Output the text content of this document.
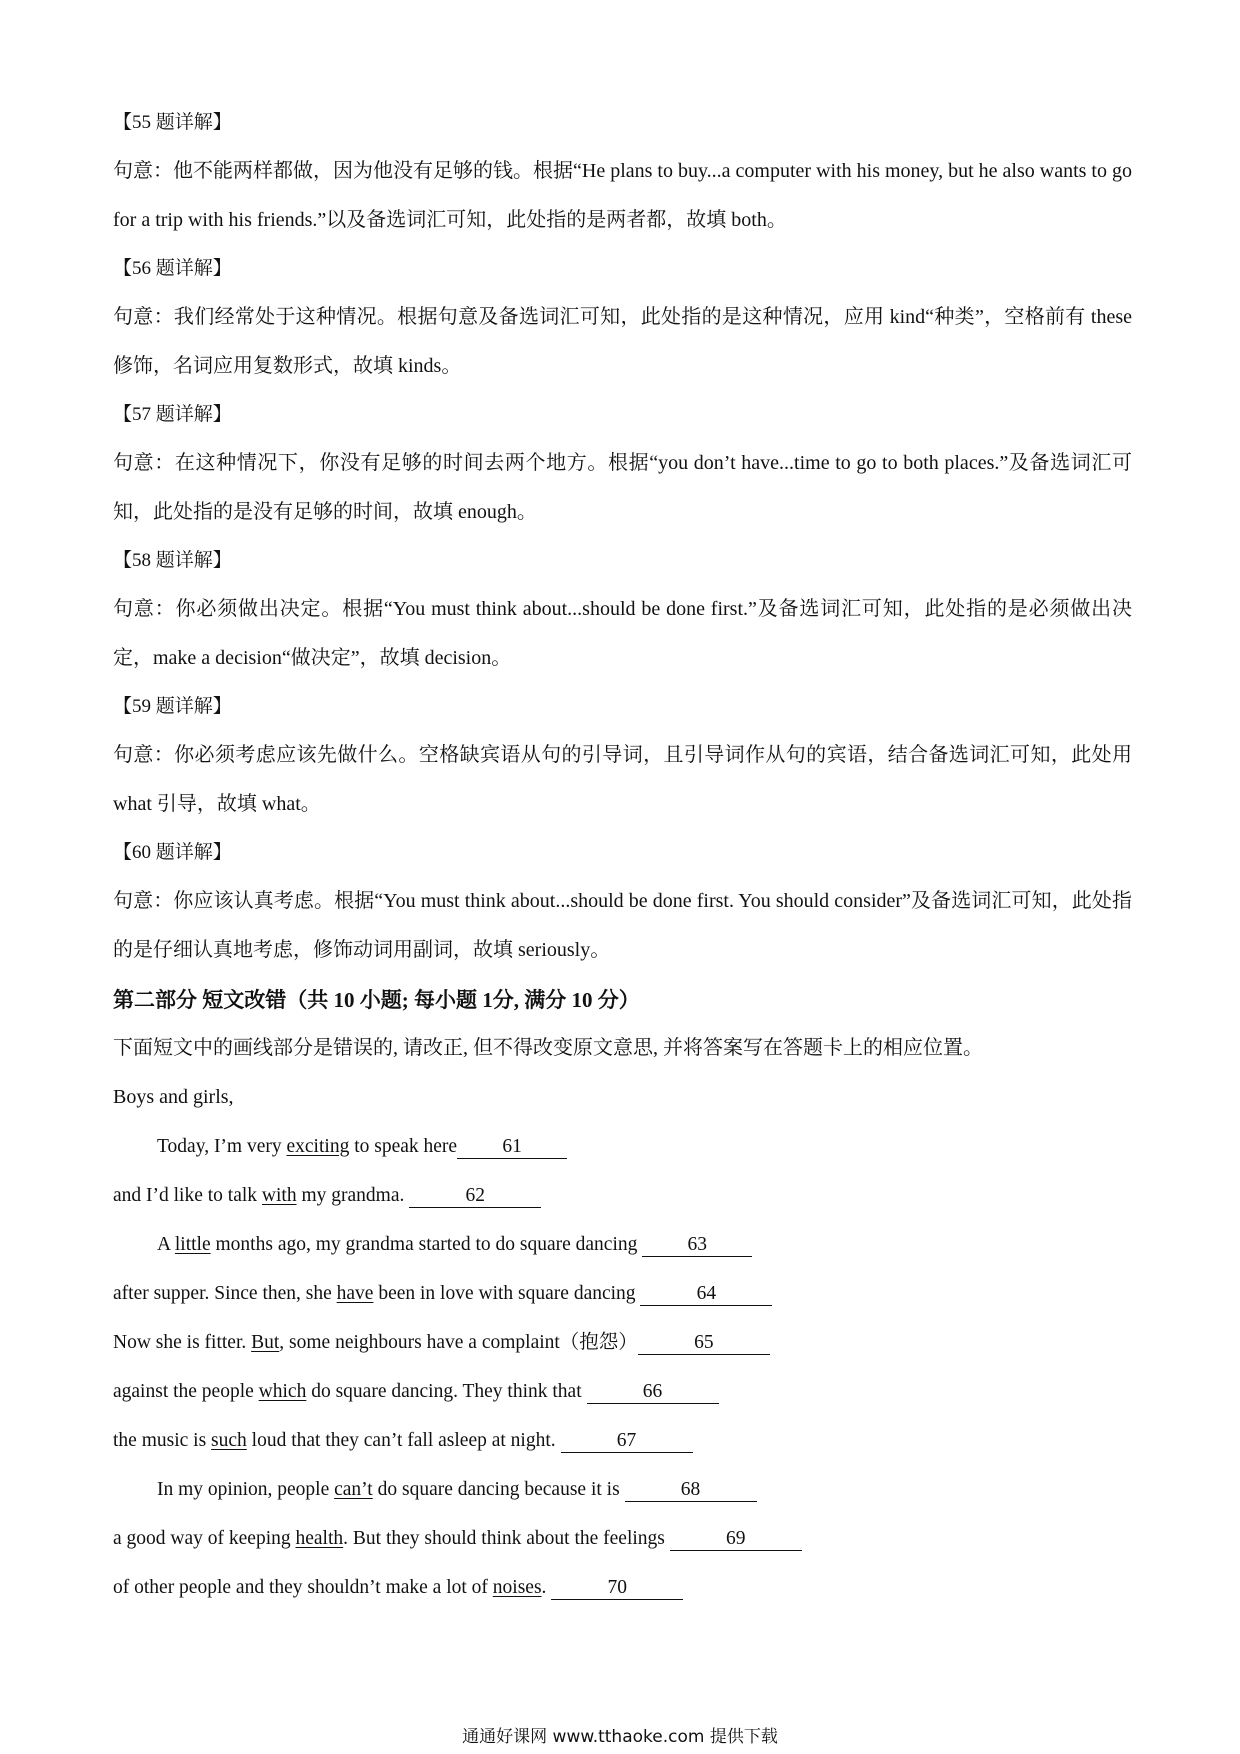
【55 题详解】
句意：他不能两样都做，因为他没有足够的钱。根据“He plans to buy...a computer with his money, but he also wants to go for a trip with his friends.”以及备选词汇可知，此处指的是两者都，故填 both。
【56 题详解】
句意：我们经常处于这种情况。根据句意及备选词汇可知，此处指的是这种情况，应用 kind“种类”，空格前有 these 修饰，名词应用复数形式，故填 kinds。
【57 题详解】
句意：在这种情况下，你没有足够的时间去两个地方。根据“you don’t have...time to go to both places.”及备选词汇可知，此处指的是没有足够的时间，故填 enough。
【58 题详解】
句意：你必须做出决定。根据“You must think about...should be done first.”及备选词汇可知，此处指的是必须做出决定，make a decision“做决定”，故填 decision。
【59 题详解】
句意：你必须考虑应该先做什么。空格缺宾语从句的引导词，且引导词作从句的宾语，结合备选词汇可知，此处用 what 引导，故填 what。
【60 题详解】
句意：你应该认真考虑。根据“You must think about...should be done first. You should consider”及备选词汇可知，此处指的是仔细认真地考虑，修饰动词用副词，故填 seriously。
第二部分 短文改错（共 10 小题; 每小题 1分, 满分 10 分）
下面短文中的画线部分是错误的, 请改正, 但不得改变原文意思, 并将答案写在答题卡上的相应位置。
Boys and girls,
Today, I’m very exciting to speak here 61
and I’d like to talk with my grandma.	62
A little months ago, my grandma started to do square dancing 63
after supper. Since then, she have been in love with square dancing	64
Now she is fitter. But, some neighbours have a complaint（抱怨）	65
against the people which do square dancing. They think that	66
the music is such loud that they can’t fall asleep at night.	67
In my opinion, people can’t do square dancing because it is	68
a good way of keeping health. But they should think about the feelings	69
of other people and they shouldn’t make a lot of noises.	70
通通好课网 www.tthaoke.com 提供下载
